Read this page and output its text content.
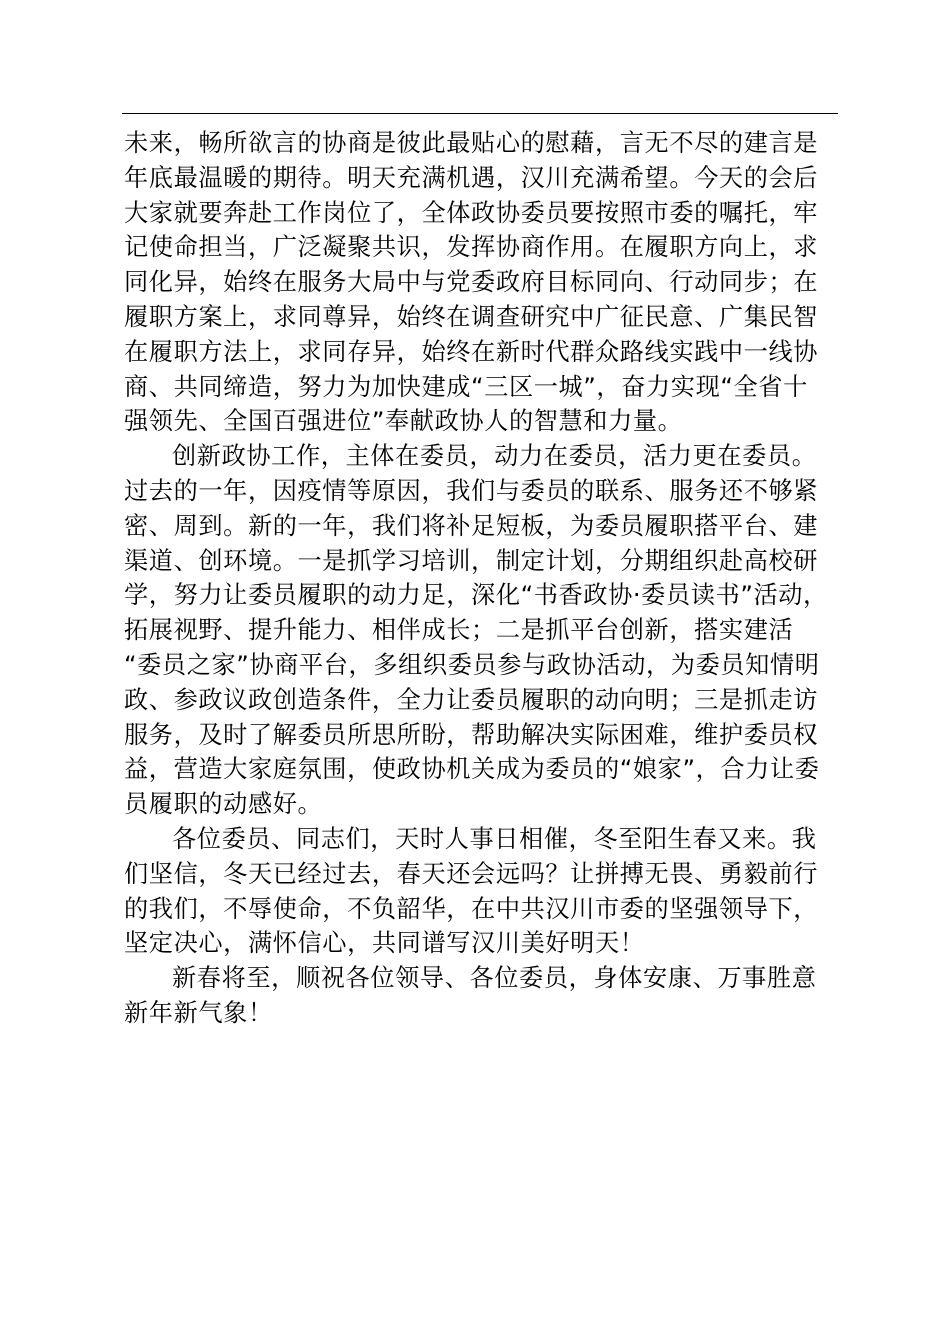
未来，畅所欲言的协商是彼此最贴心的慰藉，言无不尽的建言是
年底最温暖的期待。明天充满机遇，汉川充满希望。今天的会后
大家就要奔赴工作岗位了，全体政协委员要按照市委的嘱托，牢
记使命担当，广泛凝聚共识，发挥协商作用。在履职方向上，求
同化异，始终在服务大局中与党委政府目标同向、行动同步；在
履职方案上，求同尊异，始终在调查研究中广征民意、广集民智
在履职方法上，求同存异，始终在新时代群众路线实践中一线协
商、共同缔造，努力为加快建成“三区一城”，奋力实现“全省十
强领先、全国百强进位”奉献政协人的智慧和力量。
创新政协工作，主体在委员，动力在委员，活力更在委员。
过去的一年，因疫情等原因，我们与委员的联系、服务还不够紧
密、周到。新的一年，我们将补足短板，为委员履职搭平台、建
渠道、创环境。一是抓学习培训，制定计划，分期组织赴高校研
学，努力让委员履职的动力足，深化“书香政协·委员读书”活动，
拓展视野、提升能力、相伴成长；二是抓平台创新，搭实建活
“委员之家”协商平台，多组织委员参与政协活动，为委员知情明
政、参政议政创造条件，全力让委员履职的动向明；三是抓走访
服务，及时了解委员所思所盼，帮助解决实际困难，维护委员权
益，营造大家庭氛围，使政协机关成为委员的“娘家”，合力让委
员履职的动感好。
各位委员、同志们，天时人事日相催，冬至阳生春又来。我
们坚信，冬天已经过去，春天还会远吗？让拼搏无畏、勇毅前行
的我们，不辱使命，不负韶华，在中共汉川市委的坚强领导下，
坚定决心，满怀信心，共同谱写汉川美好明天！
新春将至，顺祝各位领导、各位委员，身体安康、万事胜意
新年新气象！
